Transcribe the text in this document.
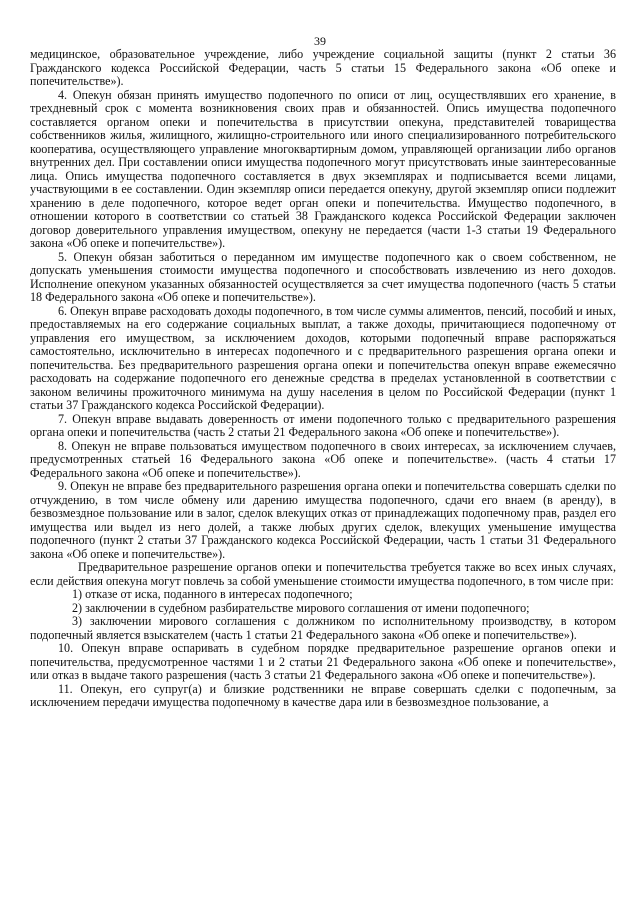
39

медицинское, образовательное учреждение, либо учреждение социальной защиты (пункт 2 статьи 36 Гражданского кодекса Российской Федерации, часть 5 статьи 15 Федерального закона «Об опеке и попечительстве»).

4. Опекун обязан принять имущество подопечного по описи от лиц, осуществлявших его хранение, в трехдневный срок с момента возникновения своих прав и обязанностей. Опись имущества подопечного составляется органом опеки и попечительства в присутствии опекуна, представителей товарищества собственников жилья, жилищного, жилищно-строительного или иного специализированного потребительского кооператива, осуществляющего управление многоквартирным домом, управляющей организации либо органов внутренних дел. При составлении описи имущества подопечного могут присутствовать иные заинтересованные лица. Опись имущества подопечного составляется в двух экземплярах и подписывается всеми лицами, участвующими в ее составлении. Один экземпляр описи передается опекуну, другой экземпляр описи подлежит хранению в деле подопечного, которое ведет орган опеки и попечительства. Имущество подопечного, в отношении которого в соответствии со статьей 38 Гражданского кодекса Российской Федерации заключен договор доверительного управления имуществом, опекуну не передается (части 1-3 статьи 19 Федерального закона «Об опеке и попечительстве»).

5. Опекун обязан заботиться о переданном им имуществе подопечного как о своем собственном, не допускать уменьшения стоимости имущества подопечного и способствовать извлечению из него доходов. Исполнение опекуном указанных обязанностей осуществляется за счет имущества подопечного (часть 5 статьи 18 Федерального закона «Об опеке и попечительстве»).

6. Опекун вправе расходовать доходы подопечного, в том числе суммы алиментов, пенсий, пособий и иных, предоставляемых на его содержание социальных выплат, а также доходы, причитающиеся подопечному от управления его имуществом, за исключением доходов, которыми подопечный вправе распоряжаться самостоятельно, исключительно в интересах подопечного и с предварительного разрешения органа опеки и попечительства. Без предварительного разрешения органа опеки и попечительства опекун вправе ежемесячно расходовать на содержание подопечного его денежные средства в пределах установленной в соответствии с законом величины прожиточного минимума на душу населения в целом по Российской Федерации (пункт 1 статьи 37 Гражданского кодекса Российской Федерации).

7. Опекун вправе выдавать доверенность от имени подопечного только с предварительного разрешения органа опеки и попечительства (часть 2 статьи 21 Федерального закона «Об опеке и попечительстве»).

8. Опекун не вправе пользоваться имуществом подопечного в своих интересах, за исключением случаев, предусмотренных статьей 16 Федерального закона «Об опеке и попечительстве». (часть 4 статьи 17 Федерального закона «Об опеке и попечительстве»).

9. Опекун не вправе без предварительного разрешения органа опеки и попечительства совершать сделки по отчуждению, в том числе обмену или дарению имущества подопечного, сдачи его внаем (в аренду), в безвозмездное пользование или в залог, сделок влекущих отказ от принадлежащих подопечному прав, раздел его имущества или выдел из него долей, а также любых других сделок, влекущих уменьшение имущества подопечного (пункт 2 статьи 37 Гражданского кодекса Российской Федерации, часть 1 статьи 31 Федерального закона «Об опеке и попечительстве»).

Предварительное разрешение органов опеки и попечительства требуется также во всех иных случаях, если действия опекуна могут повлечь за собой уменьшение стоимости имущества подопечного, в том числе при:

1) отказе от иска, поданного в интересах подопечного;

2) заключении в судебном разбирательстве мирового соглашения от имени подопечного;

3) заключении мирового соглашения с должником по исполнительному производству, в котором подопечный является взыскателем (часть 1 статьи 21 Федерального закона «Об опеке и попечительстве»).

10. Опекун вправе оспаривать в судебном порядке предварительное разрешение органов опеки и попечительства, предусмотренное частями 1 и 2 статьи 21 Федерального закона «Об опеке и попечительстве», или отказ в выдаче такого разрешения (часть 3 статьи 21 Федерального закона «Об опеке и попечительстве»).

11. Опекун, его супруг(а) и близкие родственники не вправе совершать сделки с подопечным, за исключением передачи имущества подопечному в качестве дара или в безвозмездное пользование, а
